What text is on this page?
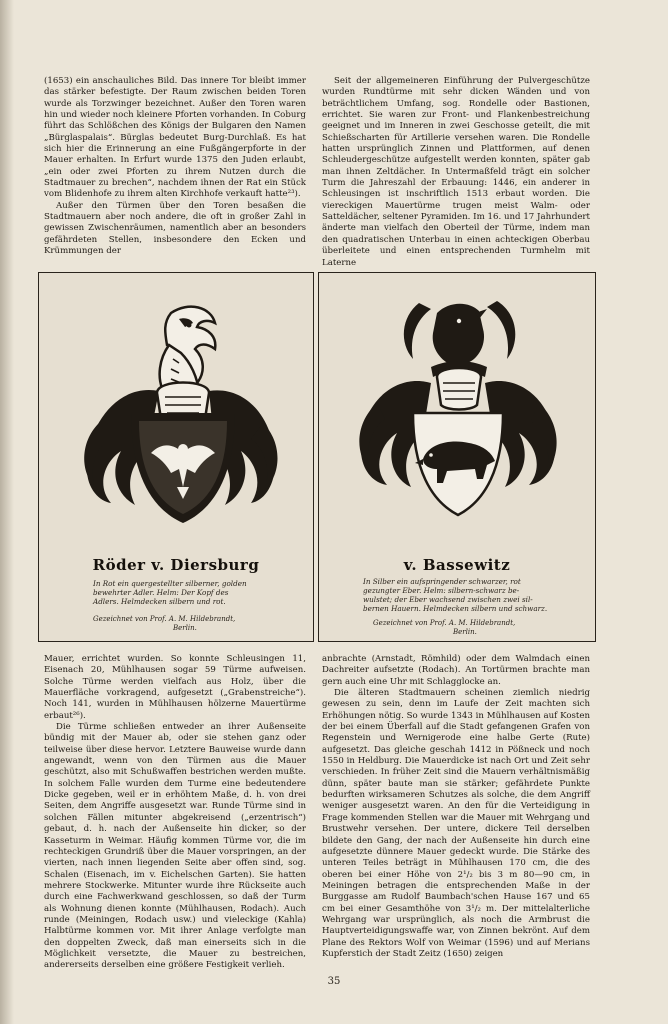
(1653) ein anschauliches Bild. Das innere Tor bleibt immer das stärker befestigte. Der Raum zwischen beiden Toren wurde als Torzwinger bezeichnet. Außer den Toren waren hin und wieder noch kleinere Pforten vorhanden. In Coburg führt das Schlößchen des Königs der Bulgaren den Namen „Bürglaspalais“. Bürglas bedeutet Burg-Durchlaß. Es hat sich hier die Erinnerung an eine Fußgängerpforte in der Mauer erhalten. In Erfurt wurde 1375 den Juden erlaubt, „ein oder zwei Pforten zu ihrem Nutzen durch die Stadtmauer zu brechen“, nachdem ihnen der Rat ein Stück vom Blidenhofe zu ihrem alten Kirchhofe verkauft hatte²³).

Außer den Türmen über den Toren besaßen die Stadtmauern aber noch andere, die oft in großer Zahl in gewissen Zwischenräumen, namentlich aber an besonders gefährdeten Stellen, insbesondere den Ecken und Krümmungen der

Seit der allgemeineren Einführung der Pulvergeschütze wurden Rundtürme mit sehr dicken Wänden und von beträchtlichem Umfang, sog. Rondelle oder Bastionen, errichtet. Sie waren zur Front- und Flankenbestreichung geeignet und im Inneren in zwei Geschosse geteilt, die mit Schießscharten für Artillerie versehen waren. Die Rondelle hatten ursprünglich Zinnen und Plattformen, auf denen Schleudergeschütze aufgestellt werden konnten, später gab man ihnen Zeltdächer. In Untermaßfeld trägt ein solcher Turm die Jahreszahl der Erbauung: 1446, ein anderer in Schleusingen ist inschriftlich 1513 erbaut worden. Die viereckigen Mauertürme trugen meist Walm- oder Satteldächer, seltener Pyramiden. Im 16. und 17 Jahrhundert änderte man vielfach den Oberteil der Türme, indem man den quadratischen Unterbau in einen achteckigen Oberbau überleitete und einen entsprechenden Turmhelm mit Laterne

Röder v. Diersburg
In Rot ein quergestellter silberner, golden
bewehrter Adler. Helm: Der Kopf des
Adlers. Helmdecken silbern und rot.
Gezeichnet von Prof. A. M. Hildebrandt,
Berlin.
v. Bassewitz
In Silber ein aufspringender schwarzer, rot
gezungter Eber. Helm: silbern-schwarz be-
wulstet; der Eber wachsend zwischen zwei sil-
bernen Hauern. Helmdecken silbern und schwarz.
Gezeichnet von Prof. A. M. Hildebrandt,
Berlin.

Mauer, errichtet wurden. So konnte Schleusingen 11, Eisenach 20, Mühlhausen sogar 59 Türme aufweisen. Solche Türme werden vielfach aus Holz, über die Mauerfläche vorkragend, aufgesetzt („Grabenstreiche“). Noch 141, wurden in Mühlhausen hölzerne Mauertürme erbaut²⁶).

Die Türme schließen entweder an ihrer Außenseite bündig mit der Mauer ab, oder sie stehen ganz oder teilweise über diese hervor. Letztere Bauweise wurde dann angewandt, wenn von den Türmen aus die Mauer geschützt, also mit Schußwaffen bestrichen werden mußte. In solchem Falle wurden dem Turme eine bedeutendere Dicke gegeben, weil er in erhöhtem Maße, d. h. von drei Seiten, dem Angriffe ausgesetzt war. Runde Türme sind in solchen Fällen mitunter abgekreisend („erzentrisch“) gebaut, d. h. nach der Außenseite hin dicker, so der Kasseturm in Weimar. Häufig kommen Türme vor, die im rechteckigen Grundriß über die Mauer vorspringen, an der vierten, nach innen liegenden Seite aber offen sind, sog. Schalen (Eisenach, im v. Eichelschen Garten). Sie hatten mehrere Stockwerke. Mitunter wurde ihre Rückseite auch durch eine Fachwerkwand geschlossen, so daß der Turm als Wohnung dienen konnte (Mühlhausen, Rodach). Auch runde (Meiningen, Rodach usw.) und vieleckige (Kahla) Halbtürme kommen vor. Mit ihrer Anlage verfolgte man den doppelten Zweck, daß man einerseits sich in die Möglichkeit versetzte, die Mauer zu bestreichen, andererseits derselben eine größere Festigkeit verlieh.

anbrachte (Arnstadt, Römhild) oder dem Walmdach einen Dachreiter aufsetzte (Rodach). An Tortürmen brachte man gern auch eine Uhr mit Schlagglocke an.

Die älteren Stadtmauern scheinen ziemlich niedrig gewesen zu sein, denn im Laufe der Zeit machten sich Erhöhungen nötig. So wurde 1343 in Mühlhausen auf Kosten der bei einem Überfall auf die Stadt gefangenen Grafen von Regenstein und Wernigerode eine halbe Gerte (Rute) aufgesetzt. Das gleiche geschah 1412 in Pößneck und noch 1550 in Heldburg. Die Mauerdicke ist nach Ort und Zeit sehr verschieden. In früher Zeit sind die Mauern verhältnismäßig dünn, später baute man sie stärker; gefährdete Punkte bedurften wirksameren Schutzes als solche, die dem Angriff weniger ausgesetzt waren. An den für die Verteidigung in Frage kommenden Stellen war die Mauer mit Wehrgang und Brustwehr versehen. Der untere, dickere Teil derselben bildete den Gang, der nach der Außenseite hin durch eine aufgesetzte dünnere Mauer gedeckt wurde. Die Stärke des unteren Teiles beträgt in Mühlhausen 170 cm, die des oberen bei einer Höhe von 2¹/₂ bis 3 m 80—90 cm, in Meiningen betragen die entsprechenden Maße in der Burggasse am Rudolf Baumbach'schen Hause 167 und 65 cm bei einer Gesamthöhe von 3¹/₂ m. Der mittelalterliche Wehrgang war ursprünglich, als noch die Armbrust die Hauptverteidigungswaffe war, von Zinnen bekrönt. Auf dem Plane des Rektors Wolf von Weimar (1596) und auf Merians Kupferstich der Stadt Zeitz (1650) zeigen

35
